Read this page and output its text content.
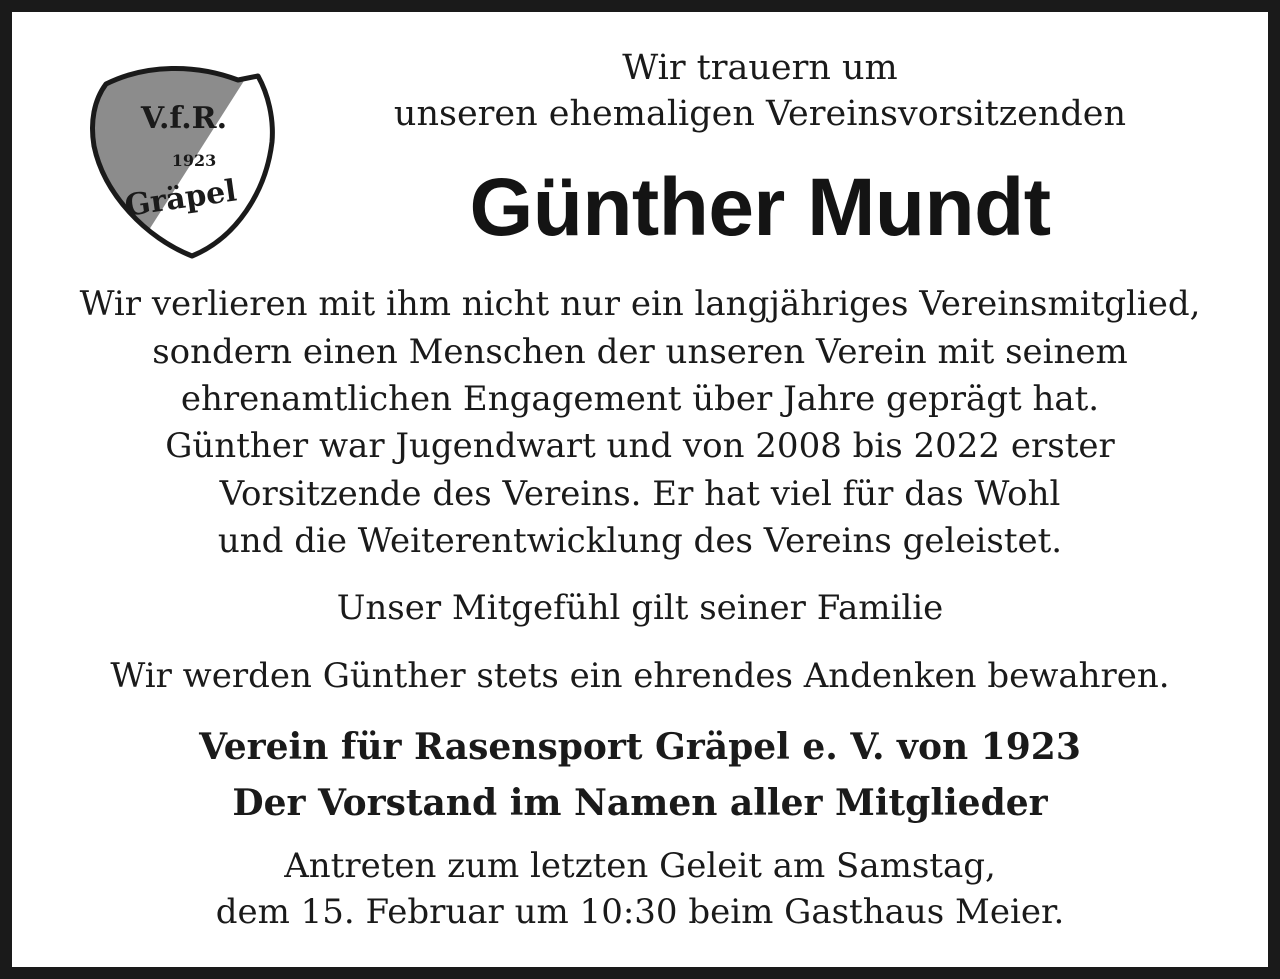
V.f.R.
1923
Gräpel
Wir trauern um
unseren ehemaligen Vereinsvorsitzenden
Günther Mundt
Wir verlieren mit ihm nicht nur ein langjähriges Vereinsmitglied,
sondern einen Menschen der unseren Verein mit seinem
ehrenamtlichen Engagement über Jahre geprägt hat.
Günther war Jugendwart und von 2008 bis 2022 erster
Vorsitzende des Vereins. Er hat viel für das Wohl
und die Weiterentwicklung des Vereins geleistet.
Unser Mitgefühl gilt seiner Familie
Wir werden Günther stets ein ehrendes Andenken bewahren.
Verein für Rasensport Gräpel e. V. von 1923
Der Vorstand im Namen aller Mitglieder
Antreten zum letzten Geleit am Samstag,
dem 15. Februar um 10:30 beim Gasthaus Meier.
